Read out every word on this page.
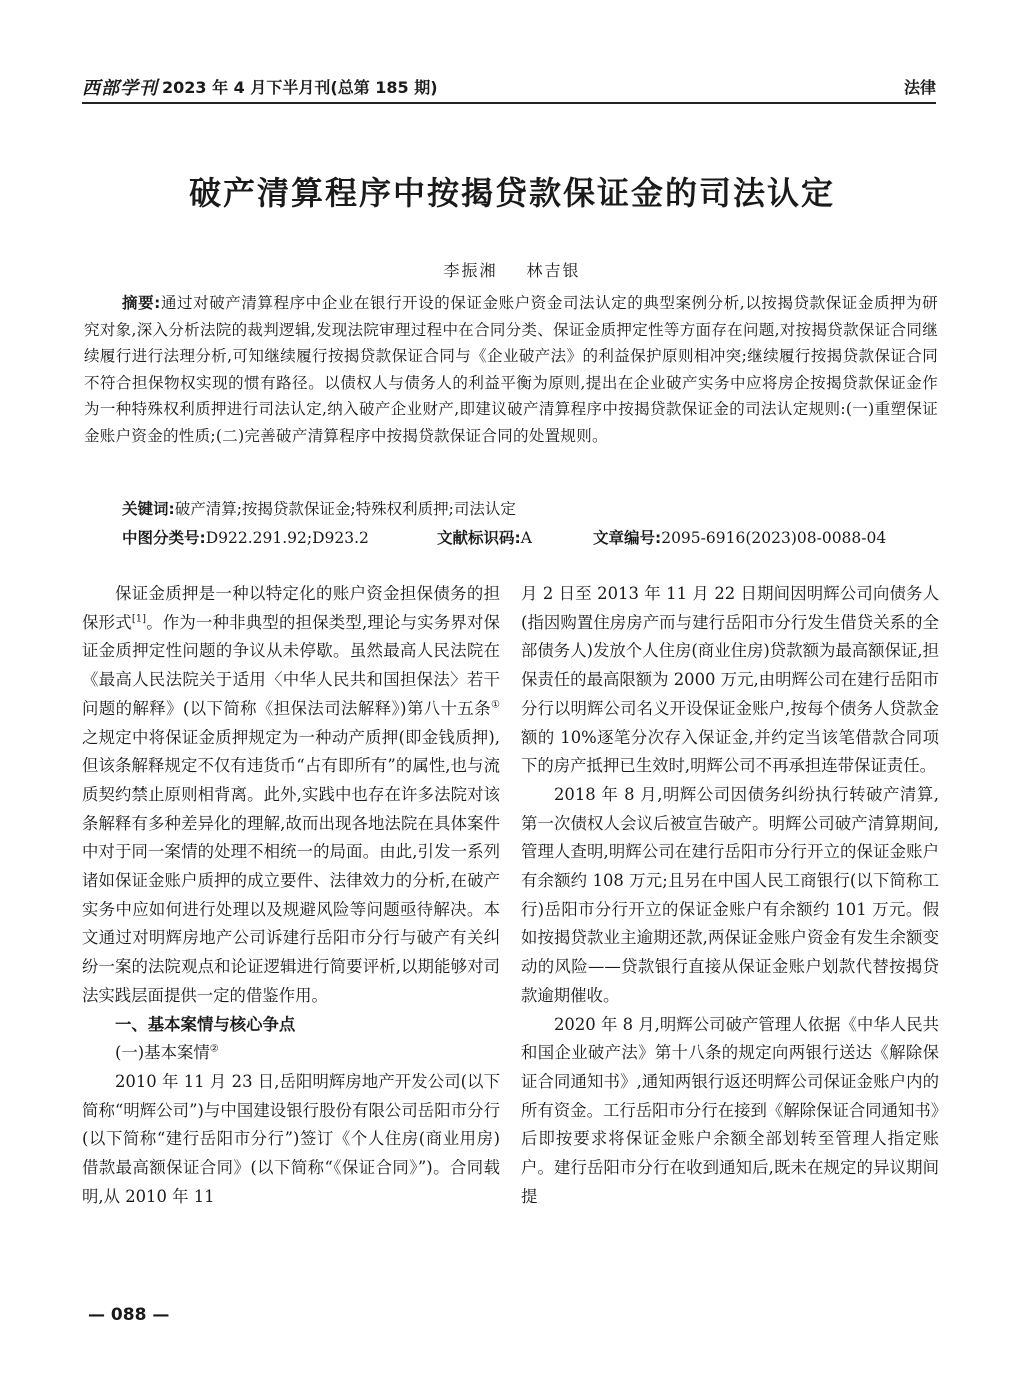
西部学刊 2023 年 4 月下半月刊(总第 185 期)	法律
破产清算程序中按揭贷款保证金的司法认定
李振湘 林吉银
摘要:通过对破产清算程序中企业在银行开设的保证金账户资金司法认定的典型案例分析,以按揭贷款保证金质押为研究对象,深入分析法院的裁判逻辑,发现法院审理过程中在合同分类、保证金质押定性等方面存在问题,对按揭贷款保证合同继续履行进行法理分析,可知继续履行按揭贷款保证合同与《企业破产法》的利益保护原则相冲突;继续履行按揭贷款保证合同不符合担保物权实现的惯有路径。以债权人与债务人的利益平衡为原则,提出在企业破产实务中应将房企按揭贷款保证金作为一种特殊权利质押进行司法认定,纳入破产企业财产,即建议破产清算程序中按揭贷款保证金的司法认定规则:(一)重塑保证金账户资金的性质;(二)完善破产清算程序中按揭贷款保证合同的处置规则。
关键词:破产清算;按揭贷款保证金;特殊权利质押;司法认定
中图分类号:D922.291.92;D923.2	文献标识码:A	文章编号:2095-6916(2023)08-0088-04

保证金质押是一种以特定化的账户资金担保债务的担保形式[1]。作为一种非典型的担保类型,理论与实务界对保证金质押定性问题的争议从未停歇。虽然最高人民法院在《最高人民法院关于适用〈中华人民共和国担保法〉若干问题的解释》(以下简称《担保法司法解释》)第八十五条①之规定中将保证金质押规定为一种动产质押(即金钱质押),但该条解释规定不仅有违货币“占有即所有”的属性,也与流质契约禁止原则相背离。此外,实践中也存在许多法院对该条解释有多种差异化的理解,故而出现各地法院在具体案件中对于同一案情的处理不相统一的局面。由此,引发一系列诸如保证金账户质押的成立要件、法律效力的分析,在破产实务中应如何进行处理以及规避风险等问题亟待解决。本文通过对明辉房地产公司诉建行岳阳市分行与破产有关纠纷一案的法院观点和论证逻辑进行简要评析,以期能够对司法实践层面提供一定的借鉴作用。

一、基本案情与核心争点
(一)基本案情②

2010 年 11 月 23 日,岳阳明辉房地产开发公司(以下简称“明辉公司”)与中国建设银行股份有限公司岳阳市分行(以下简称“建行岳阳市分行”)签订《个人住房(商业用房)借款最高额保证合同》(以下简称“《保证合同》”)。合同载明,从 2010 年 11

月 2 日至 2013 年 11 月 22 日期间因明辉公司向债务人(指因购置住房房产而与建行岳阳市分行发生借贷关系的全部债务人)发放个人住房(商业住房)贷款额为最高额保证,担保责任的最高限额为 2000 万元,由明辉公司在建行岳阳市分行以明辉公司名义开设保证金账户,按每个债务人贷款金额的 10%逐笔分次存入保证金,并约定当该笔借款合同项下的房产抵押已生效时,明辉公司不再承担连带保证责任。

2018 年 8 月,明辉公司因债务纠纷执行转破产清算,第一次债权人会议后被宣告破产。明辉公司破产清算期间,管理人查明,明辉公司在建行岳阳市分行开立的保证金账户有余额约 108 万元;且另在中国人民工商银行(以下简称工行)岳阳市分行开立的保证金账户有余额约 101 万元。假如按揭贷款业主逾期还款,两保证金账户资金有发生余额变动的风险——贷款银行直接从保证金账户划款代替按揭贷款逾期催收。

2020 年 8 月,明辉公司破产管理人依据《中华人民共和国企业破产法》第十八条的规定向两银行送达《解除保证合同通知书》,通知两银行返还明辉公司保证金账户内的所有资金。工行岳阳市分行在接到《解除保证合同通知书》后即按要求将保证金账户余额全部划转至管理人指定账户。建行岳阳市分行在收到通知后,既未在规定的异议期间提

— 088 —
